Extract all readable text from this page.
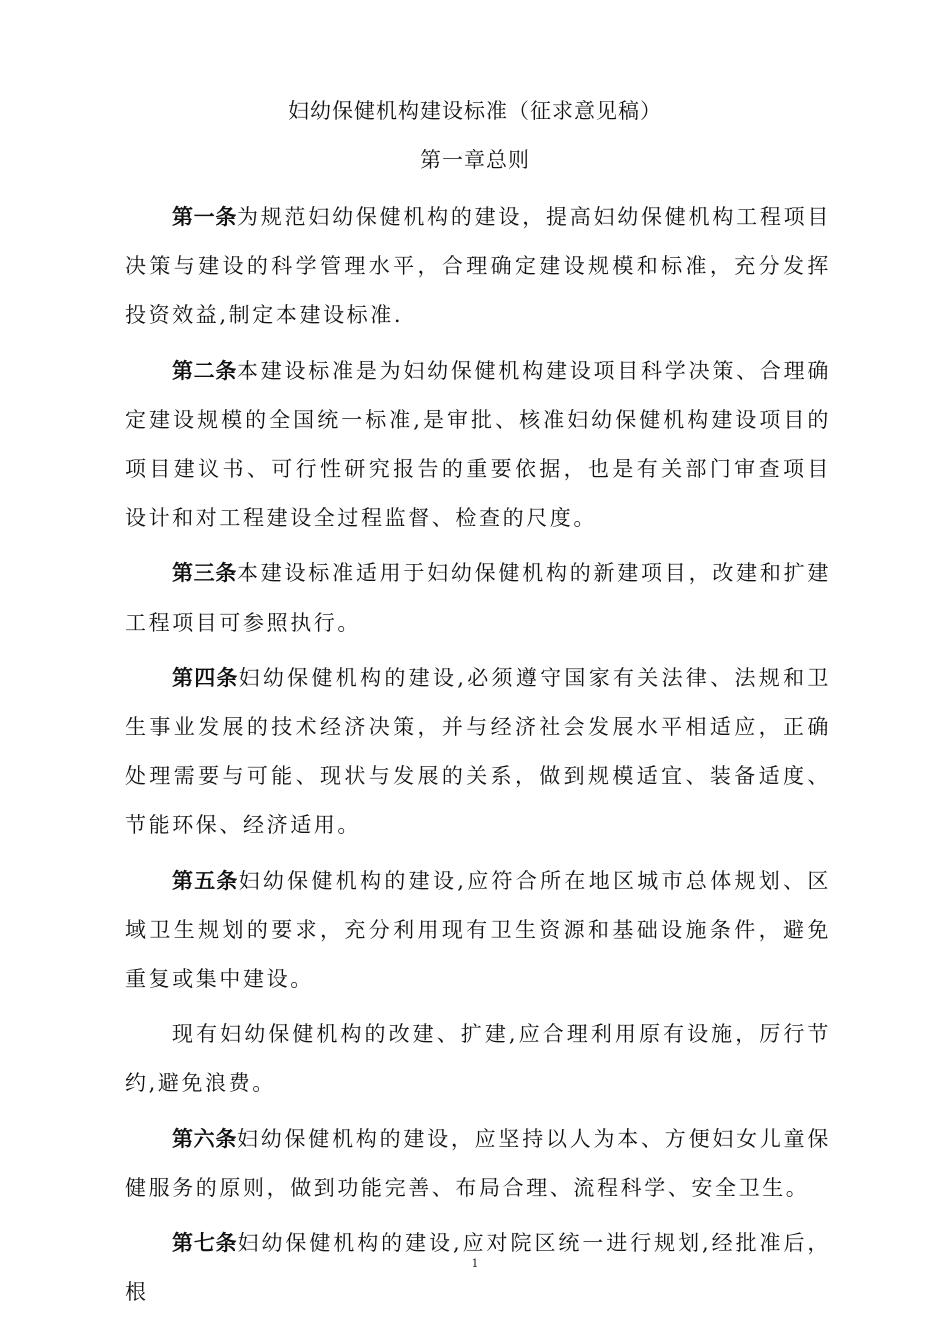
妇幼保健机构建设标准（征求意见稿）
第一章总则

第一条为规范妇幼保健机构的建设，提高妇幼保健机构工程项目决策与建设的科学管理水平，合理确定建设规模和标准，充分发挥投资效益,制定本建设标准.

第二条本建设标准是为妇幼保健机构建设项目科学决策、合理确定建设规模的全国统一标准,是审批、核准妇幼保健机构建设项目的项目建议书、可行性研究报告的重要依据，也是有关部门审查项目设计和对工程建设全过程监督、检查的尺度。

第三条本建设标准适用于妇幼保健机构的新建项目，改建和扩建工程项目可参照执行。

第四条妇幼保健机构的建设,必须遵守国家有关法律、法规和卫生事业发展的技术经济决策，并与经济社会发展水平相适应，正确处理需要与可能、现状与发展的关系，做到规模适宜、装备适度、节能环保、经济适用。

第五条妇幼保健机构的建设,应符合所在地区城市总体规划、区域卫生规划的要求，充分利用现有卫生资源和基础设施条件，避免重复或集中建设。

现有妇幼保健机构的改建、扩建,应合理利用原有设施，厉行节约,避免浪费。

第六条妇幼保健机构的建设，应坚持以人为本、方便妇女儿童保健服务的原则，做到功能完善、布局合理、流程科学、安全卫生。

第七条妇幼保健机构的建设,应对院区统一进行规划,经批准后，根

1
